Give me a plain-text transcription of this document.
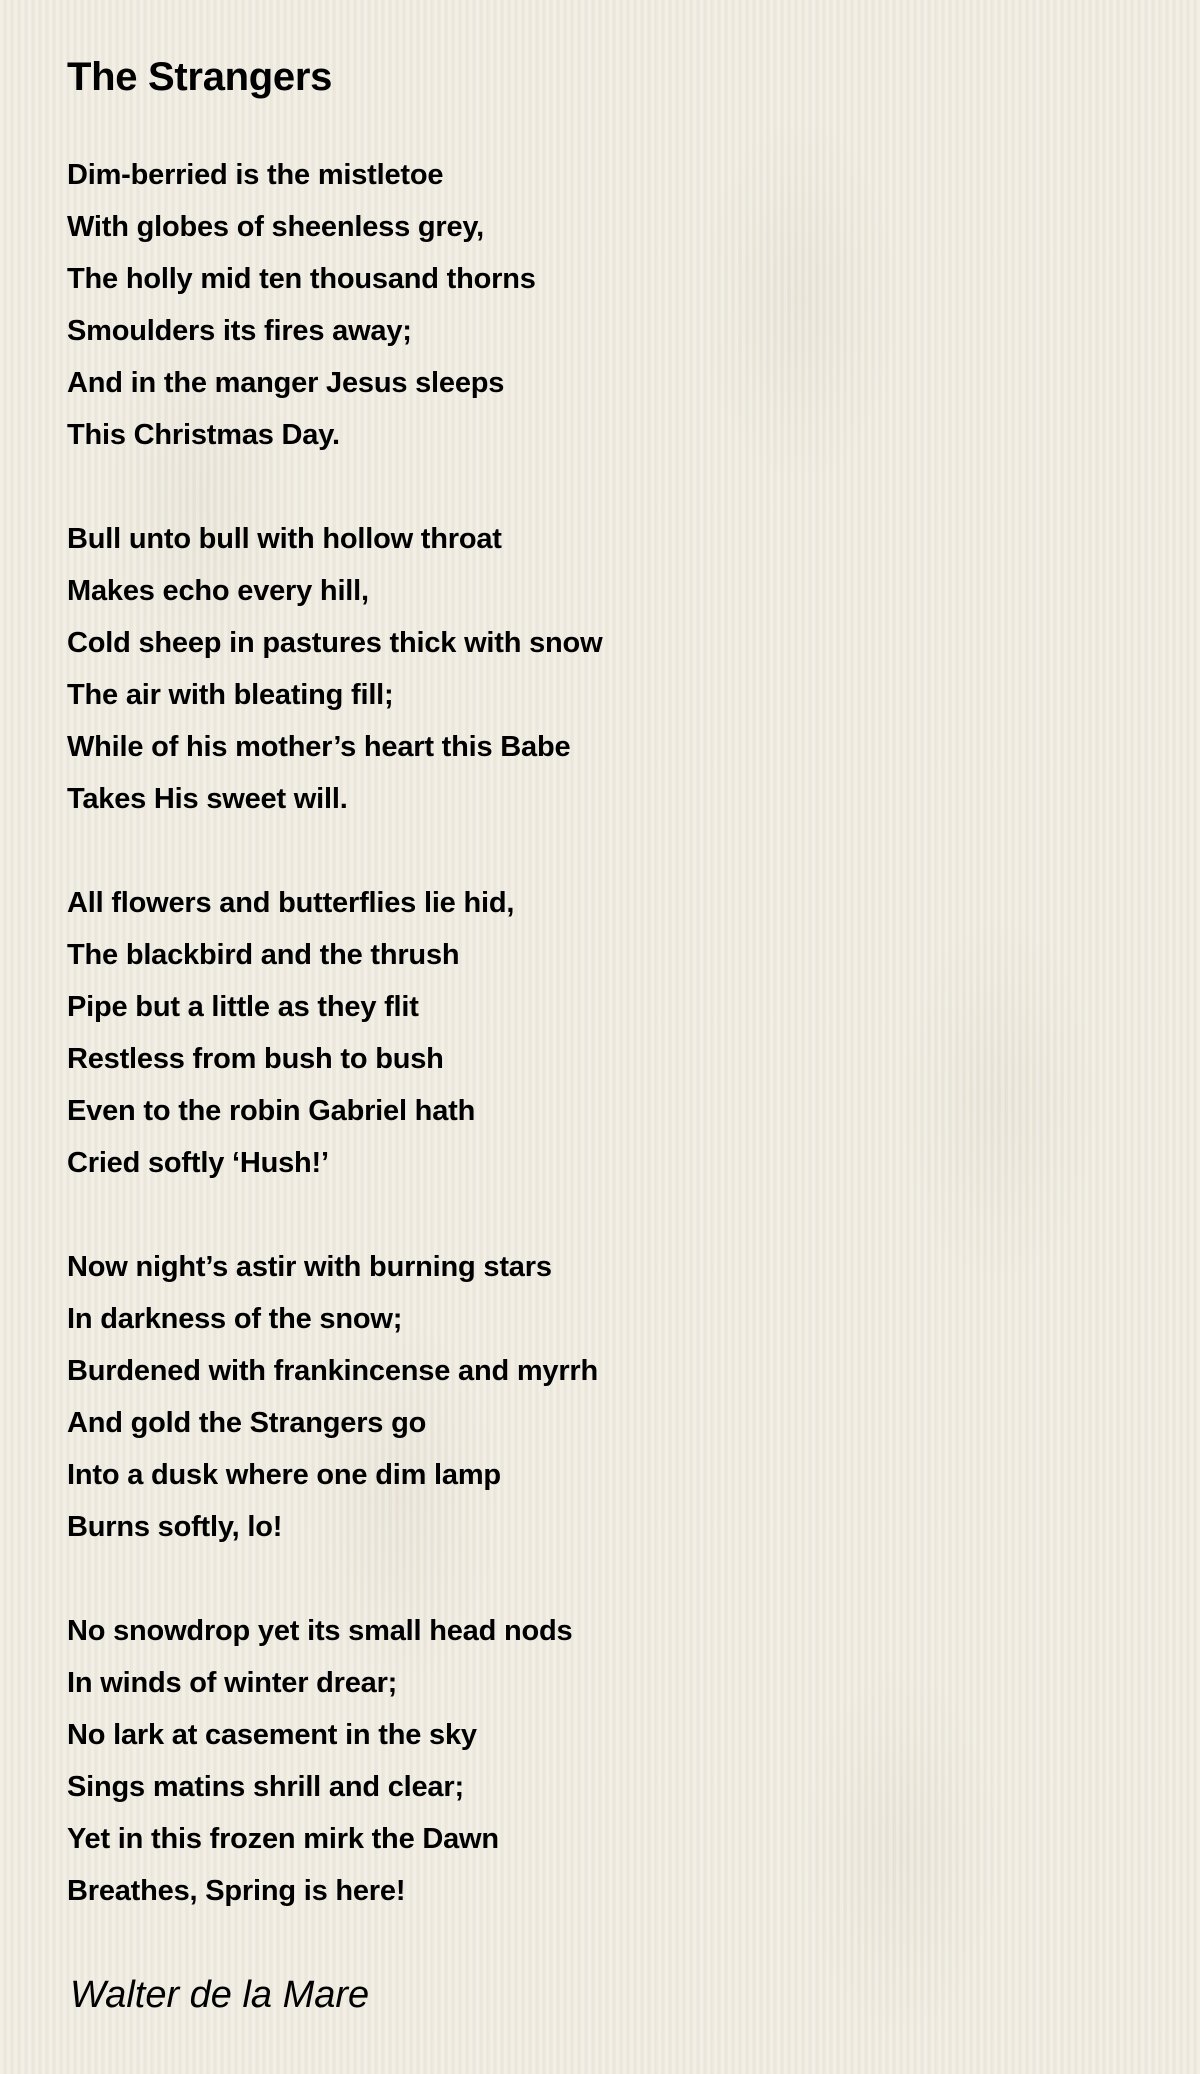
The Strangers
Dim-berried is the mistletoe
With globes of sheenless grey,
The holly mid ten thousand thorns
Smoulders its fires away;
And in the manger Jesus sleeps
This Christmas Day.
Bull unto bull with hollow throat
Makes echo every hill,
Cold sheep in pastures thick with snow
The air with bleating fill;
While of his mother’s heart this Babe
Takes His sweet will.
All flowers and butterflies lie hid,
The blackbird and the thrush
Pipe but a little as they flit
Restless from bush to bush
Even to the robin Gabriel hath
Cried softly ‘Hush!’
Now night’s astir with burning stars
In darkness of the snow;
Burdened with frankincense and myrrh
And gold the Strangers go
Into a dusk where one dim lamp
Burns softly, lo!
No snowdrop yet its small head nods
In winds of winter drear;
No lark at casement in the sky
Sings matins shrill and clear;
Yet in this frozen mirk the Dawn
Breathes, Spring is here!
Walter de la Mare
